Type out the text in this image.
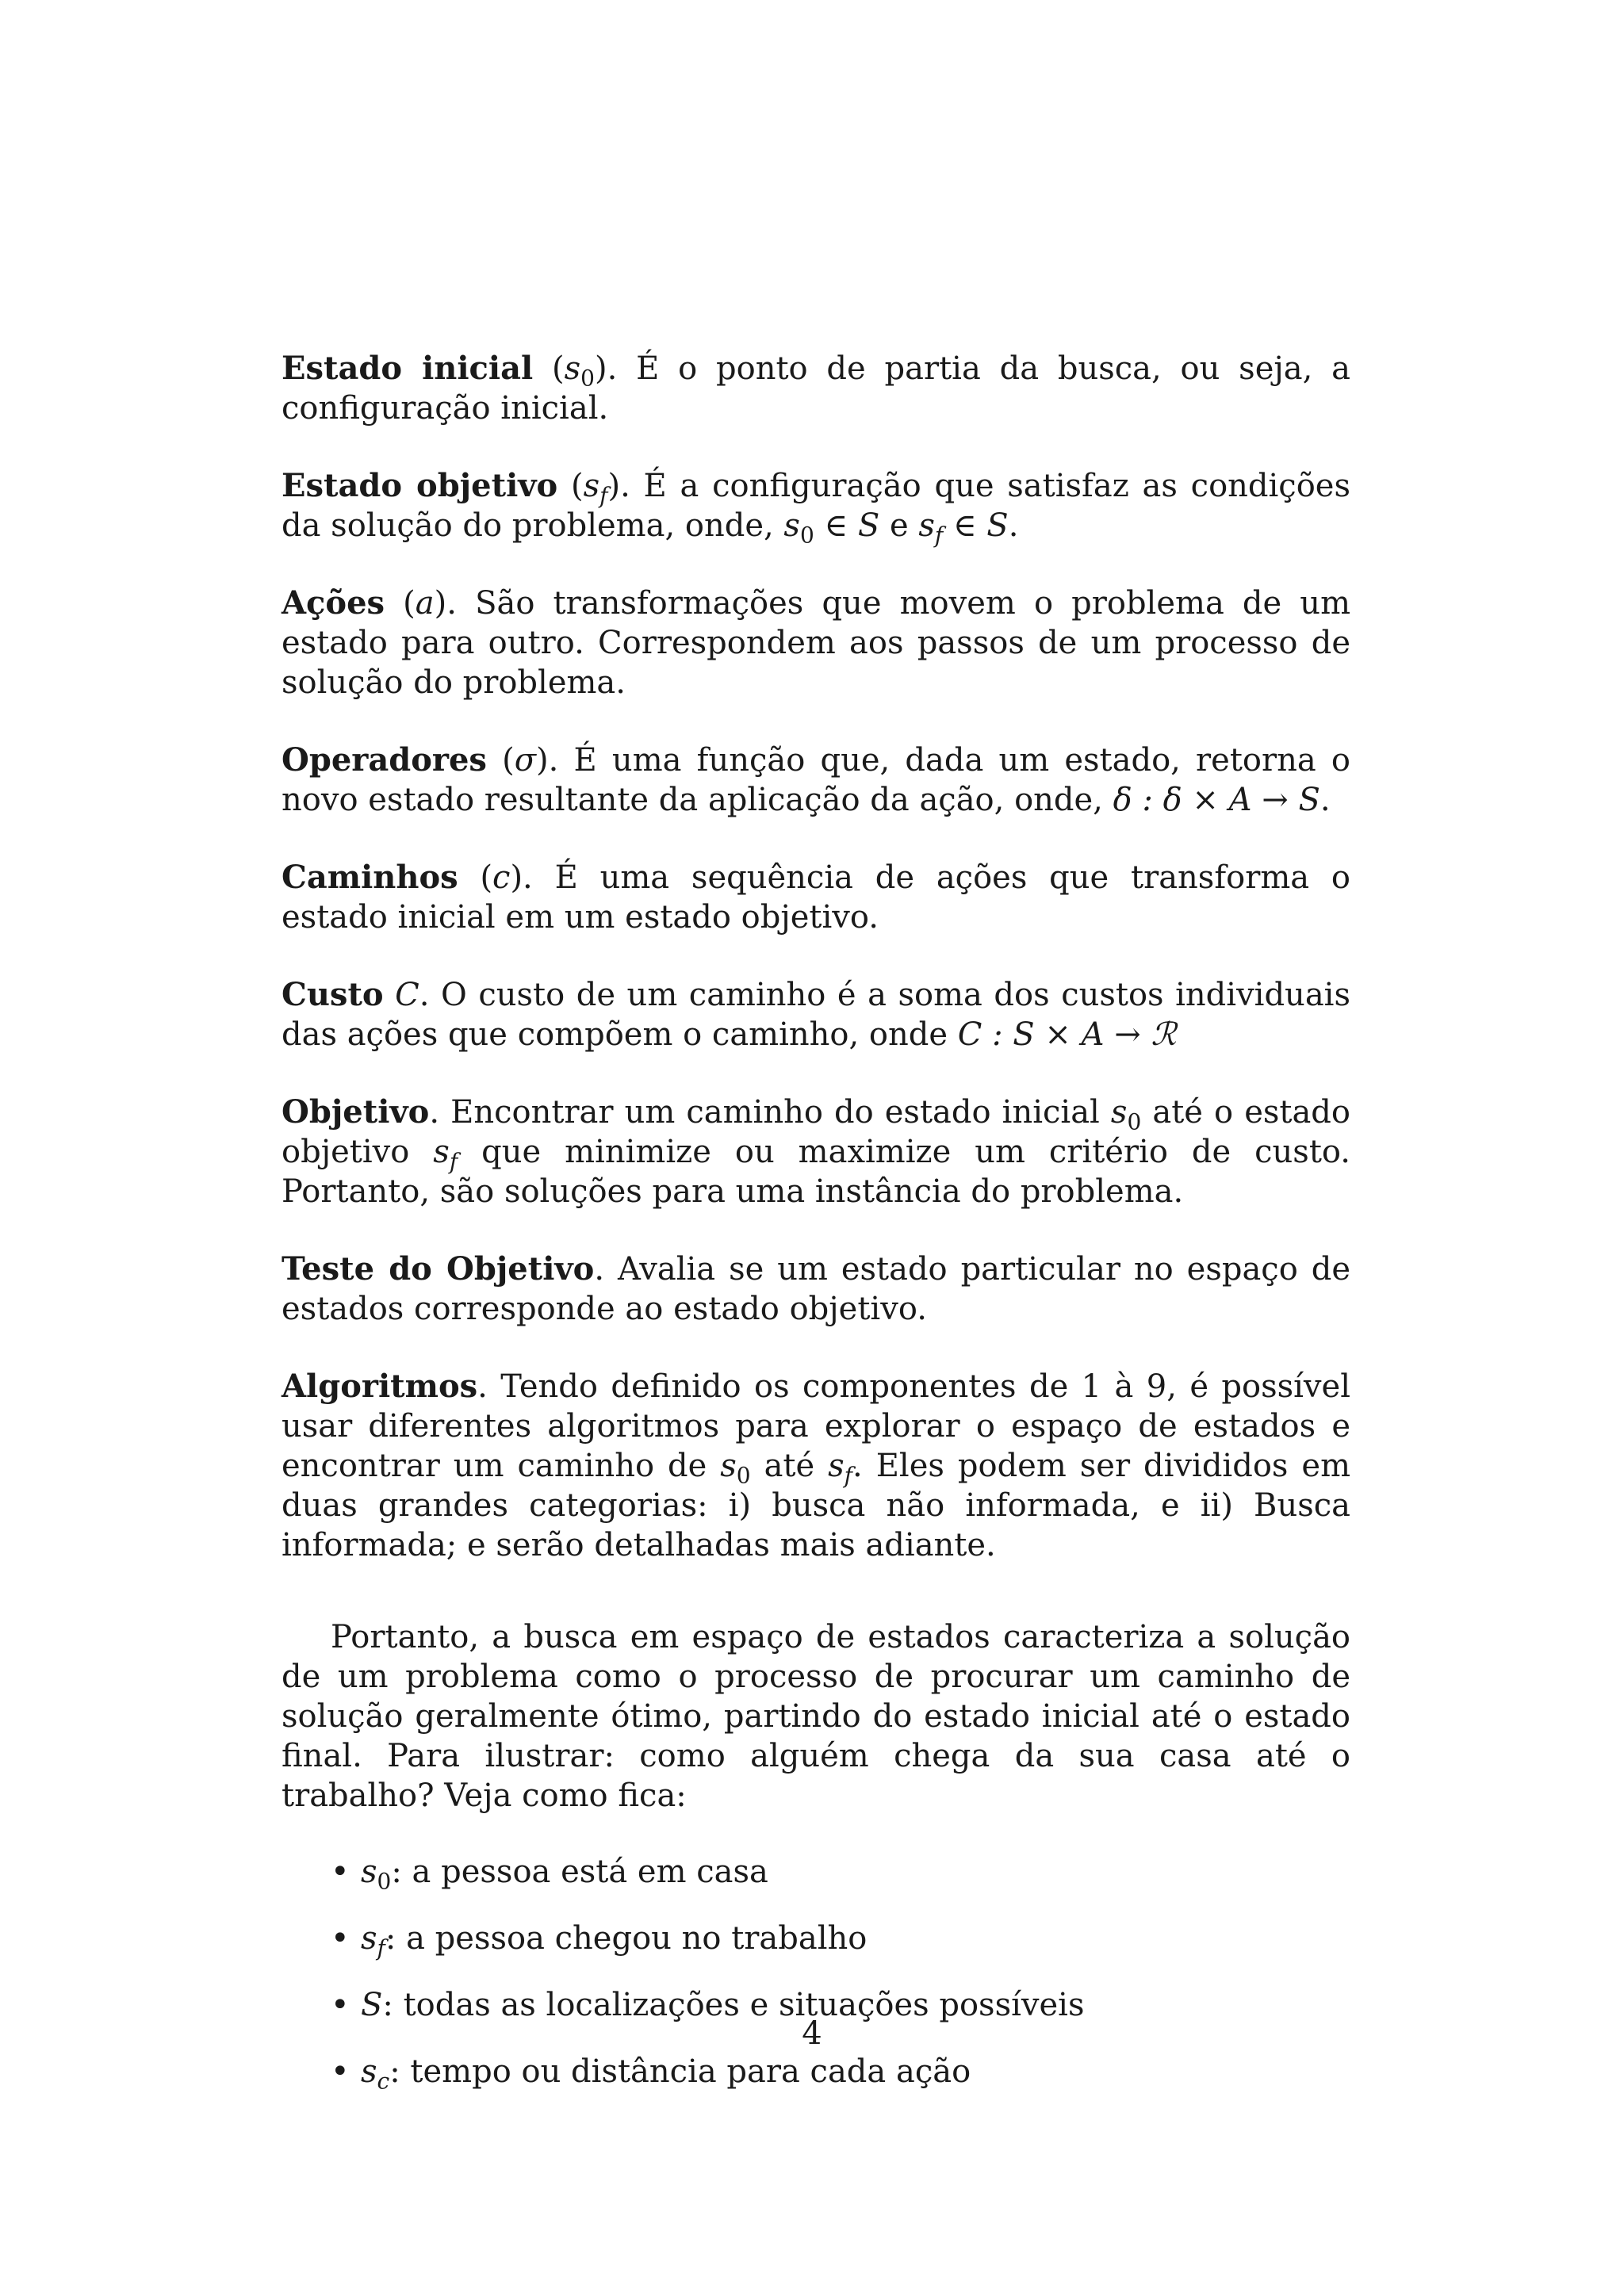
Estado inicial $(s_0)$. É o ponto de partia da busca, ou seja, a configuração inicial.

Estado objetivo $(s_f)$. É a configuração que satisfaz as condições da solução do problema, onde, $s_0$ ∈ S e $s_f$ ∈ S.

Ações (a). São transformações que movem o problema de um estado para outro. Correspondem aos passos de um processo de solução do problema.

Operadores (σ). É uma função que, dada um estado, retorna o novo estado resultante da aplicação da ação, onde, δ : δ × A → S.

Caminhos (c). É uma sequência de ações que transforma o estado inicial em um estado objetivo.

Custo C. O custo de um caminho é a soma dos custos individuais das ações que compõem o caminho, onde C : S × A → ℛ

Objetivo. Encontrar um caminho do estado inicial $s_0$ até o estado objetivo $s_f$ que minimize ou maximize um critério de custo. Portanto, são soluções para uma instância do problema.

Teste do Objetivo. Avalia se um estado particular no espaço de estados corresponde ao estado objetivo.

Algoritmos. Tendo definido os componentes de 1 à 9, é possível usar diferentes algoritmos para explorar o espaço de estados e encontrar um caminho de $s_0$ até $s_f$. Eles podem ser divididos em duas grandes categorias: i) busca não informada, e ii) Busca informada; e serão detalhadas mais adiante.

Portanto, a busca em espaço de estados caracteriza a solução de um problema como o processo de procurar um caminho de solução geralmente ótimo, partindo do estado inicial até o estado final. Para ilustrar: como alguém chega da sua casa até o trabalho? Veja como fica:

• $s_0$: a pessoa está em casa
• $s_f$: a pessoa chegou no trabalho
• S: todas as localizações e situações possíveis
• $s_c$: tempo ou distância para cada ação
4
